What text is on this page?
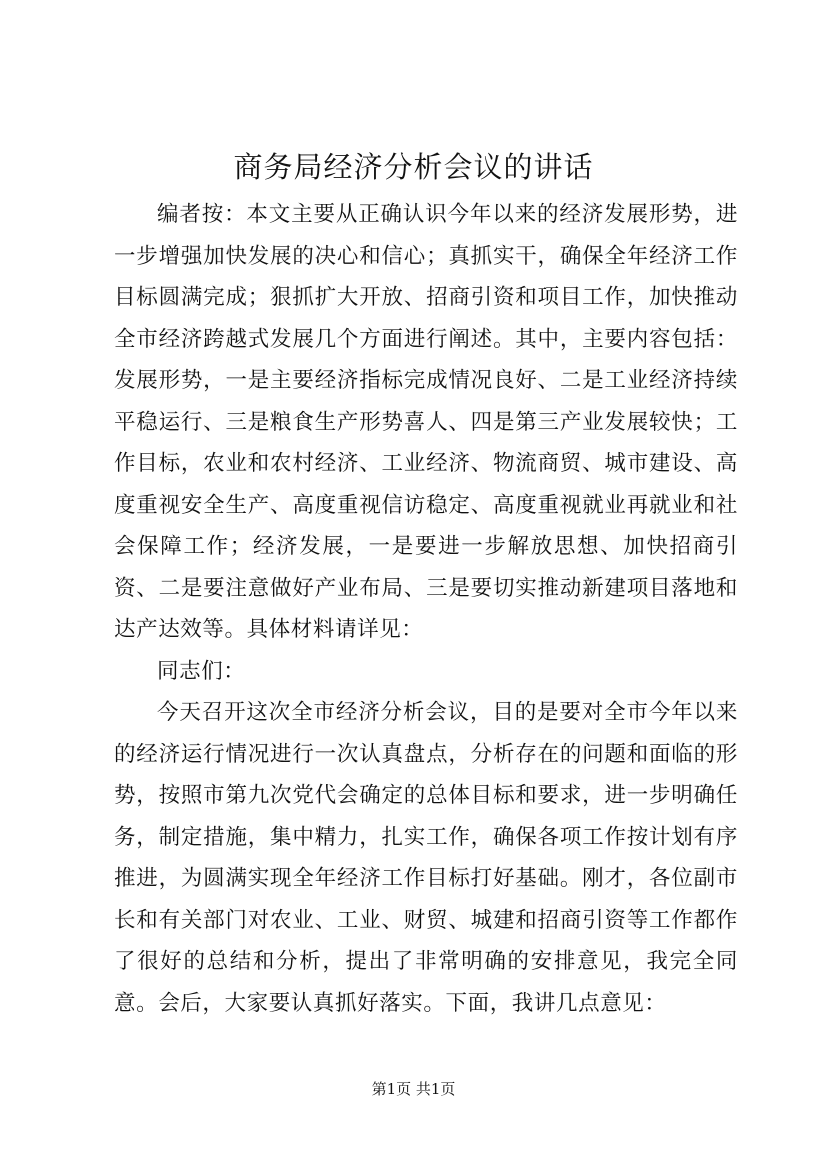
商务局经济分析会议的讲话

编者按：本文主要从正确认识今年以来的经济发展形势，进一步增强加快发展的决心和信心；真抓实干，确保全年经济工作目标圆满完成；狠抓扩大开放、招商引资和项目工作，加快推动全市经济跨越式发展几个方面进行阐述。其中，主要内容包括：发展形势，一是主要经济指标完成情况良好、二是工业经济持续平稳运行、三是粮食生产形势喜人、四是第三产业发展较快；工作目标，农业和农村经济、工业经济、物流商贸、城市建设、高度重视安全生产、高度重视信访稳定、高度重视就业再就业和社会保障工作；经济发展，一是要进一步解放思想、加快招商引资、二是要注意做好产业布局、三是要切实推动新建项目落地和达产达效等。具体材料请详见：

同志们：

今天召开这次全市经济分析会议，目的是要对全市今年以来的经济运行情况进行一次认真盘点，分析存在的问题和面临的形势，按照市第九次党代会确定的总体目标和要求，进一步明确任务，制定措施，集中精力，扎实工作，确保各项工作按计划有序推进，为圆满实现全年经济工作目标打好基础。刚才，各位副市长和有关部门对农业、工业、财贸、城建和招商引资等工作都作了很好的总结和分析，提出了非常明确的安排意见，我完全同意。会后，大家要认真抓好落实。下面，我讲几点意见：

第1页 共1页
